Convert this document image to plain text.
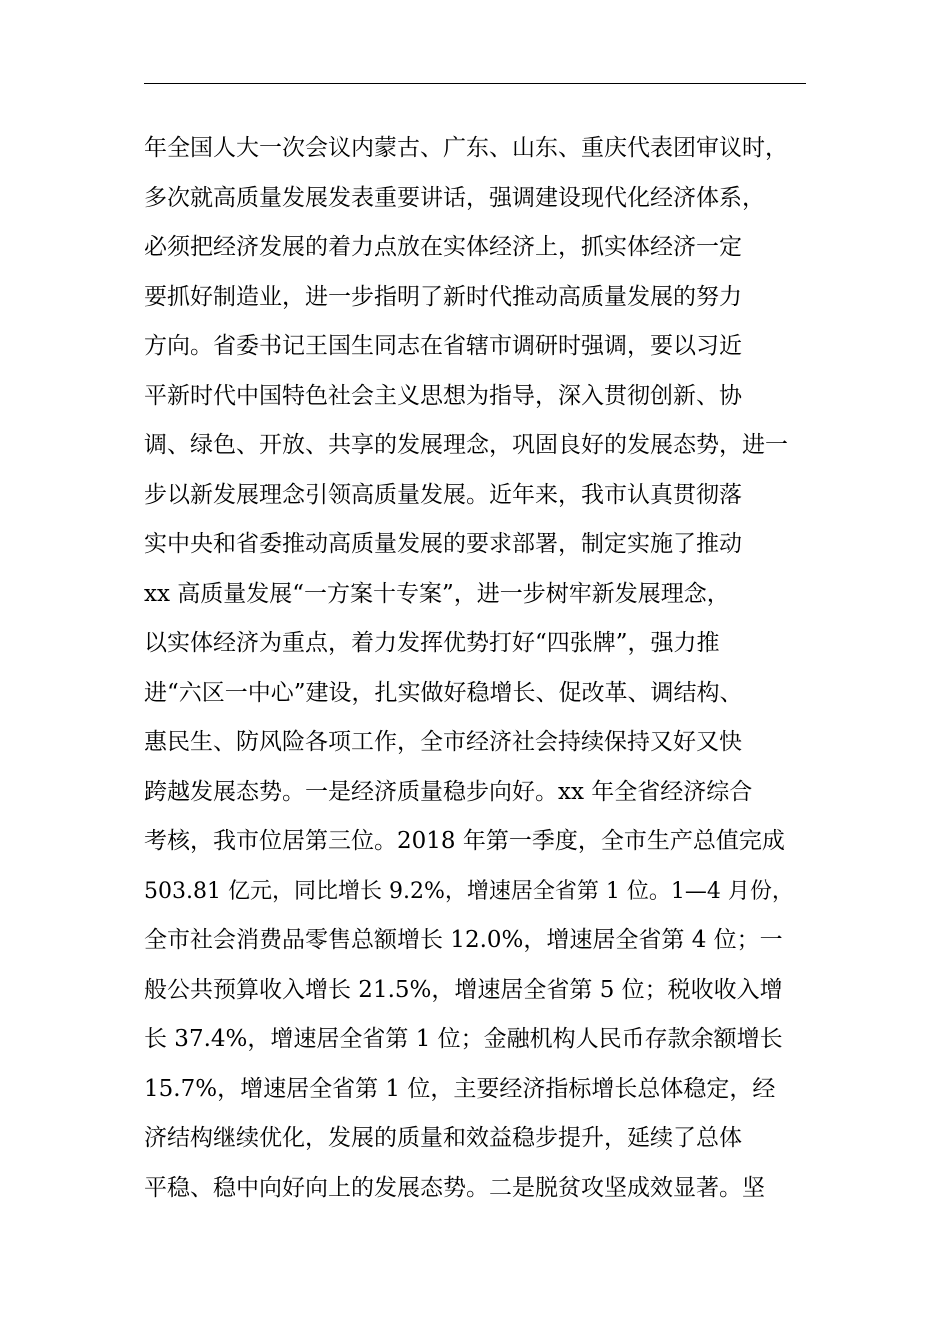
年全国人大一次会议内蒙古、广东、山东、重庆代表团审议时，
多次就高质量发展发表重要讲话，强调建设现代化经济体系，
必须把经济发展的着力点放在实体经济上，抓实体经济一定
要抓好制造业，进一步指明了新时代推动高质量发展的努力
方向。省委书记王国生同志在省辖市调研时强调，要以习近
平新时代中国特色社会主义思想为指导，深入贯彻创新、协
调、绿色、开放、共享的发展理念，巩固良好的发展态势，进一
步以新发展理念引领高质量发展。近年来，我市认真贯彻落
实中央和省委推动高质量发展的要求部署，制定实施了推动
xx 高质量发展“一方案十专案”，进一步树牢新发展理念，
以实体经济为重点，着力发挥优势打好“四张牌”，强力推
进“六区一中心”建设，扎实做好稳增长、促改革、调结构、
惠民生、防风险各项工作，全市经济社会持续保持又好又快
跨越发展态势。一是经济质量稳步向好。xx 年全省经济综合
考核，我市位居第三位。2018 年第一季度，全市生产总值完成
503.81 亿元，同比增长 9.2%，增速居全省第 1 位。1—4 月份，
全市社会消费品零售总额增长 12.0%，增速居全省第 4 位；一
般公共预算收入增长 21.5%，增速居全省第 5 位；税收收入增
长 37.4%，增速居全省第 1 位；金融机构人民币存款余额增长
15.7%，增速居全省第 1 位，主要经济指标增长总体稳定，经
济结构继续优化，发展的质量和效益稳步提升，延续了总体
平稳、稳中向好向上的发展态势。二是脱贫攻坚成效显著。坚
